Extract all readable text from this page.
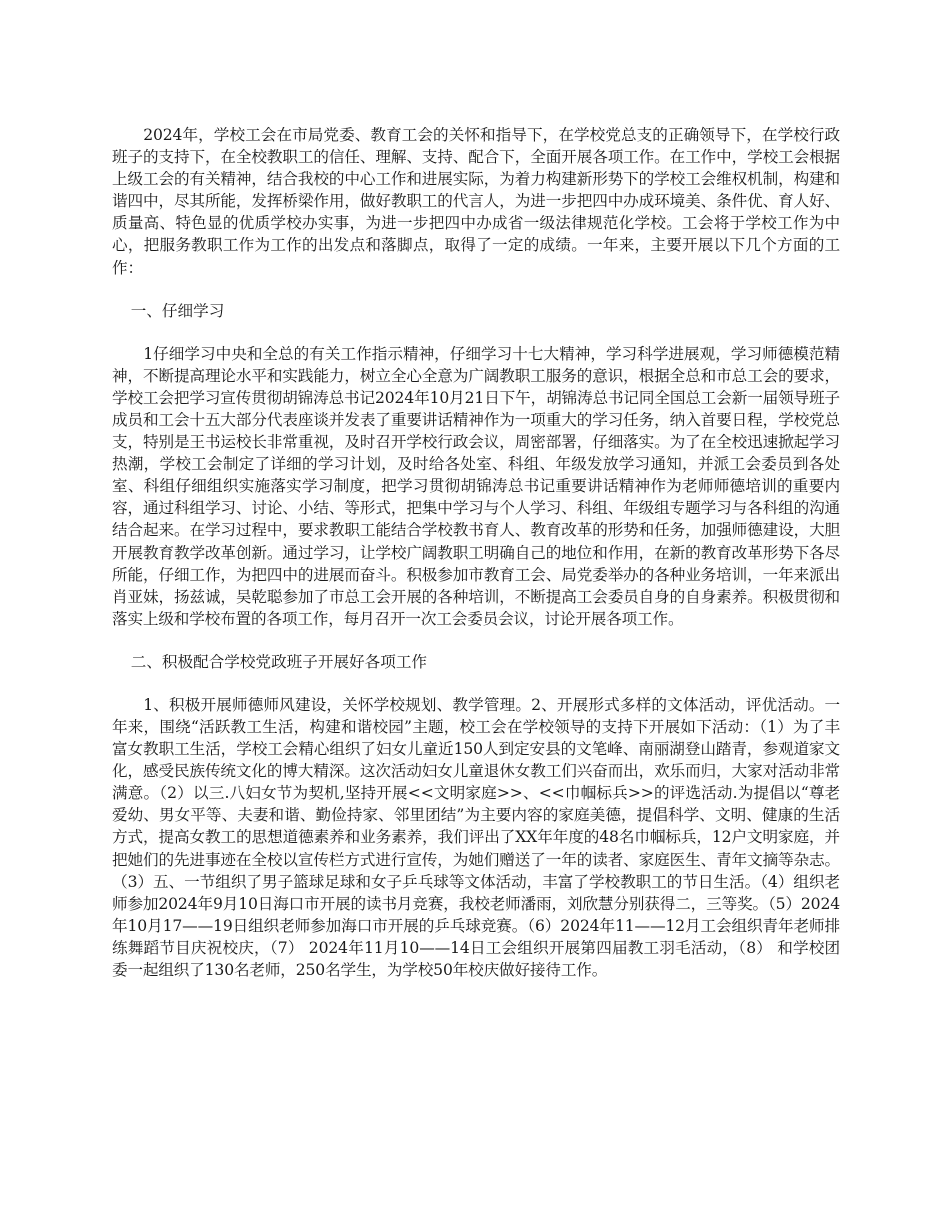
2024年，学校工会在市局党委、教育工会的关怀和指导下，在学校党总支的正确领导下，在学校行政班子的支持下，在全校教职工的信任、理解、支持、配合下，全面开展各项工作。在工作中，学校工会根据上级工会的有关精神，结合我校的中心工作和进展实际，为着力构建新形势下的学校工会维权机制，构建和谐四中，尽其所能，发挥桥梁作用，做好教职工的代言人，为进一步把四中办成环境美、条件优、育人好、质量高、特色显的优质学校办实事，为进一步把四中办成省一级法律规范化学校。工会将于学校工作为中心，把服务教职工作为工作的出发点和落脚点，取得了一定的成绩。一年来，主要开展以下几个方面的工作：

一、仔细学习

1仔细学习中央和全总的有关工作指示精神，仔细学习十七大精神，学习科学进展观，学习师德模范精神，不断提高理论水平和实践能力，树立全心全意为广阔教职工服务的意识，根据全总和市总工会的要求，学校工会把学习宣传贯彻胡锦涛总书记2024年10月21日下午，胡锦涛总书记同全国总工会新一届领导班子成员和工会十五大部分代表座谈并发表了重要讲话精神作为一项重大的学习任务，纳入首要日程，学校党总支，特别是王书运校长非常重视，及时召开学校行政会议，周密部署，仔细落实。为了在全校迅速掀起学习热潮，学校工会制定了详细的学习计划，及时给各处室、科组、年级发放学习通知，并派工会委员到各处室、科组仔细组织实施落实学习制度，把学习贯彻胡锦涛总书记重要讲话精神作为老师师德培训的重要内容，通过科组学习、讨论、小结、等形式，把集中学习与个人学习、科组、年级组专题学习与各科组的沟通结合起来。在学习过程中，要求教职工能结合学校教书育人、教育改革的形势和任务，加强师德建设，大胆开展教育教学改革创新。通过学习，让学校广阔教职工明确自己的地位和作用，在新的教育改革形势下各尽所能，仔细工作，为把四中的进展而奋斗。积极参加市教育工会、局党委举办的各种业务培训，一年来派出肖亚妹，扬兹诚，吴乾聪参加了市总工会开展的各种培训，不断提高工会委员自身的自身素养。积极贯彻和落实上级和学校布置的各项工作，每月召开一次工会委员会议，讨论开展各项工作。

二、积极配合学校党政班子开展好各项工作

1、积极开展师德师风建设，关怀学校规划、教学管理。2、开展形式多样的文体活动，评优活动。一年来，围绕“活跃教工生活，构建和谐校园”主题，校工会在学校领导的支持下开展如下活动：（1）为了丰富女教职工生活，学校工会精心组织了妇女儿童近150人到定安县的文笔峰、南丽湖登山踏青，参观道家文化，感受民族传统文化的博大精深。这次活动妇女儿童退休女教工们兴奋而出，欢乐而归，大家对活动非常满意。（2）以三.八妇女节为契机,坚持开展<<文明家庭>>、<<巾帼标兵>>的评选活动.为提倡以“尊老爱幼、男女平等、夫妻和谐、勤俭持家、邻里团结”为主要内容的家庭美德，提倡科学、文明、健康的生活方式，提高女教工的思想道德素养和业务素养，我们评出了XX年年度的48名巾帼标兵，12户文明家庭，并把她们的先进事迹在全校以宣传栏方式进行宣传，为她们赠送了一年的读者、家庭医生、青年文摘等杂志。（3）五、一节组织了男子篮球足球和女子乒乓球等文体活动，丰富了学校教职工的节日生活。（4）组织老师参加2024年9月10日海口市开展的读书月竞赛，我校老师潘雨，刘欣慧分别获得二，三等奖。（5）2024年10月17——19日组织老师参加海口市开展的乒乓球竞赛。（6）2024年11——12月工会组织青年老师排练舞蹈节目庆祝校庆，（7） 2024年11月10——14日工会组织开展第四届教工羽毛活动，（8） 和学校团委一起组织了130名老师，250名学生，为学校50年校庆做好接待工作。
